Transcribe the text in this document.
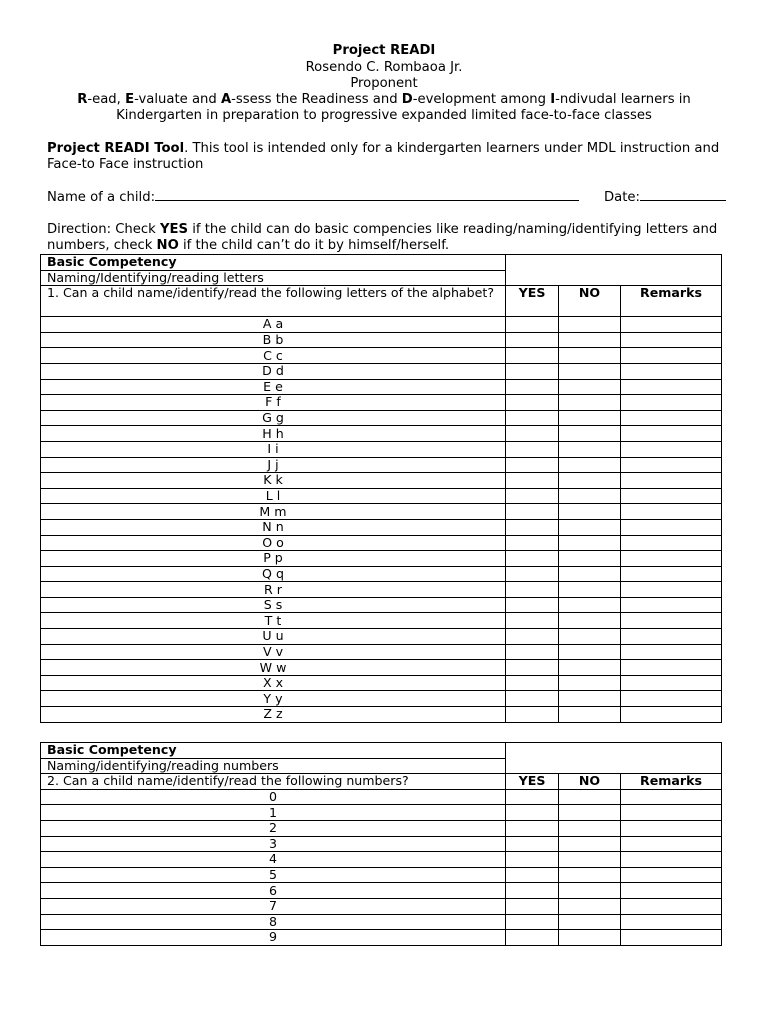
Project READI
Rosendo C. Rombaoa Jr.
Proponent
R-ead, E-valuate and A-ssess the Readiness and D-evelopment among I-ndivudal learners in
Kindergarten in preparation to progressive expanded limited face-to-face classes
Project READI Tool. This tool is intended only for a kindergarten learners under MDL instruction and
Face-to Face instruction
Name of a child:	Date:
Direction: Check YES if the child can do basic compencies like reading/naming/identifying letters and
numbers, check NO if the child can’t do it by himself/herself.
Basic Competency			
Naming/Identifying/reading letters			
1. Can a child name/identify/read the following letters of the alphabet?	YES	NO	Remarks
A a			
B b			
C c			
D d			
E e			
F f			
G g			
H h			
I i			
J j			
K k			
L l			
M m			
N n			
O o			
P p			
Q q			
R r			
S s			
T t			
U u			
V v			
W w			
X x			
Y y			
Z z			
Basic Competency			
Naming/identifying/reading numbers			
2. Can a child name/identify/read the following numbers?	YES	NO	Remarks
0			
1			
2			
3			
4			
5			
6			
7			
8			
9			
